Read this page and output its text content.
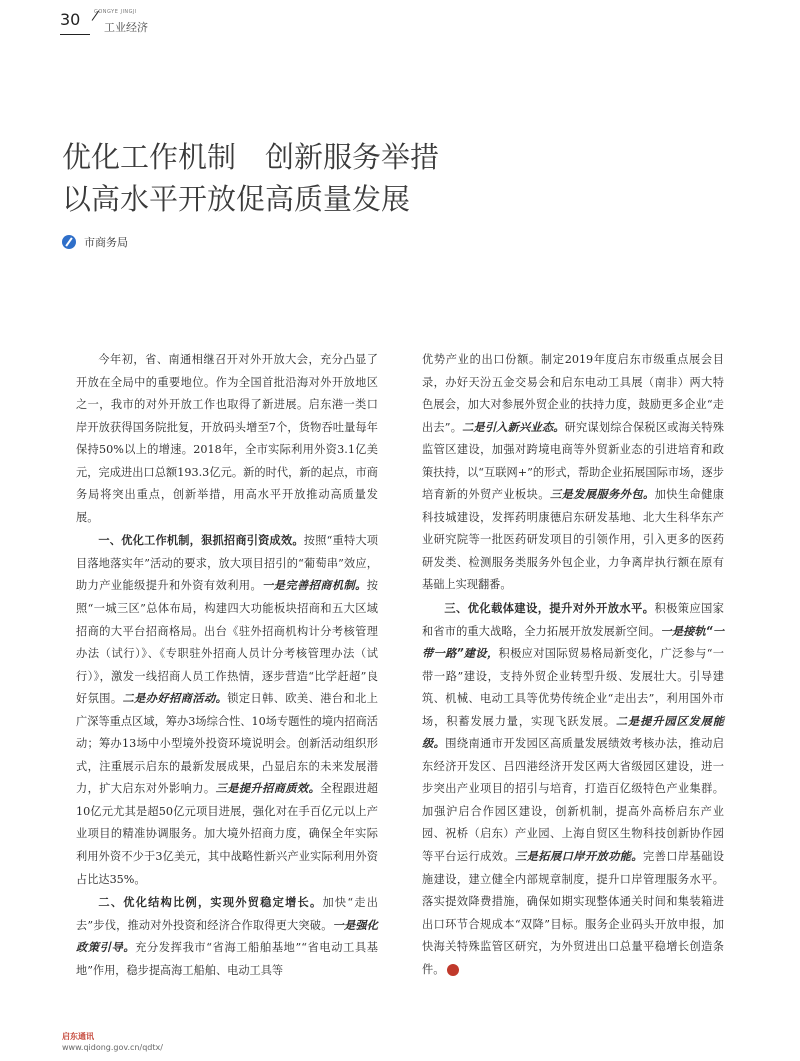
30	GONGYE JINGJI
工业经济
优化工作机制　创新服务举措
以高水平开放促高质量发展
市商务局

今年初，省、南通相继召开对外开放大会，充分凸显了开放在全局中的重要地位。作为全国首批沿海对外开放地区之一，我市的对外开放工作也取得了新进展。启东港一类口岸开放获得国务院批复，开放码头增至7个，货物吞吐量每年保持50%以上的增速。2018年，全市实际利用外资3.1亿美元，完成进出口总额193.3亿元。新的时代，新的起点，市商务局将突出重点，创新举措，用高水平开放推动高质量发展。

一、优化工作机制，狠抓招商引资成效。按照“重特大项目落地落实年”活动的要求，放大项目招引的“葡萄串”效应，助力产业能级提升和外资有效利用。一是完善招商机制。按照“一城三区”总体布局，构建四大功能板块招商和五大区域招商的大平台招商格局。出台《驻外招商机构计分考核管理办法（试行）》、《专职驻外招商人员计分考核管理办法（试行）》，激发一线招商人员工作热情，逐步营造“比学赶超”良好氛围。二是办好招商活动。锁定日韩、欧美、港台和北上广深等重点区域，筹办3场综合性、10场专题性的境内招商活动；筹办13场中小型境外投资环境说明会。创新活动组织形式，注重展示启东的最新发展成果，凸显启东的未来发展潜力，扩大启东对外影响力。三是提升招商质效。全程跟进超10亿元尤其是超50亿元项目进展，强化对在手百亿元以上产业项目的精准协调服务。加大境外招商力度，确保全年实际利用外资不少于3亿美元，其中战略性新兴产业实际利用外资占比达35%。

二、优化结构比例，实现外贸稳定增长。加快“走出去”步伐，推动对外投资和经济合作取得更大突破。一是强化政策引导。充分发挥我市“省海工船舶基地”“省电动工具基地”作用，稳步提高海工船舶、电动工具等

优势产业的出口份额。制定2019年度启东市级重点展会目录，办好天汾五金交易会和启东电动工具展（南非）两大特色展会，加大对参展外贸企业的扶持力度，鼓励更多企业“走出去”。二是引入新兴业态。研究谋划综合保税区或海关特殊监管区建设，加强对跨境电商等外贸新业态的引进培育和政策扶持，以“互联网+”的形式，帮助企业拓展国际市场，逐步培育新的外贸产业板块。三是发展服务外包。加快生命健康科技城建设，发挥药明康德启东研发基地、北大生科华东产业研究院等一批医药研发项目的引领作用，引入更多的医药研发类、检测服务类服务外包企业，力争离岸执行额在原有基础上实现翻番。

三、优化载体建设，提升对外开放水平。积极策应国家和省市的重大战略，全力拓展开放发展新空间。一是接轨“一带一路”建设，积极应对国际贸易格局新变化，广泛参与“一带一路”建设，支持外贸企业转型升级、发展壮大。引导建筑、机械、电动工具等优势传统企业“走出去”，利用国外市场，积蓄发展力量，实现飞跃发展。二是提升园区发展能级。围绕南通市开发园区高质量发展绩效考核办法，推动启东经济开发区、吕四港经济开发区两大省级园区建设，进一步突出产业项目的招引与培育，打造百亿级特色产业集群。加强沪启合作园区建设，创新机制，提高外高桥启东产业园、祝桥（启东）产业园、上海自贸区生物科技创新协作园等平台运行成效。三是拓展口岸开放功能。完善口岸基础设施建设，建立健全内部规章制度，提升口岸管理服务水平。落实提效降费措施，确保如期实现整体通关时间和集装箱进出口环节合规成本“双降”目标。服务企业码头开放申报，加快海关特殊监管区研究，为外贸进出口总量平稳增长创造条件。	责

启东通讯
www.qidong.gov.cn/qdtx/
